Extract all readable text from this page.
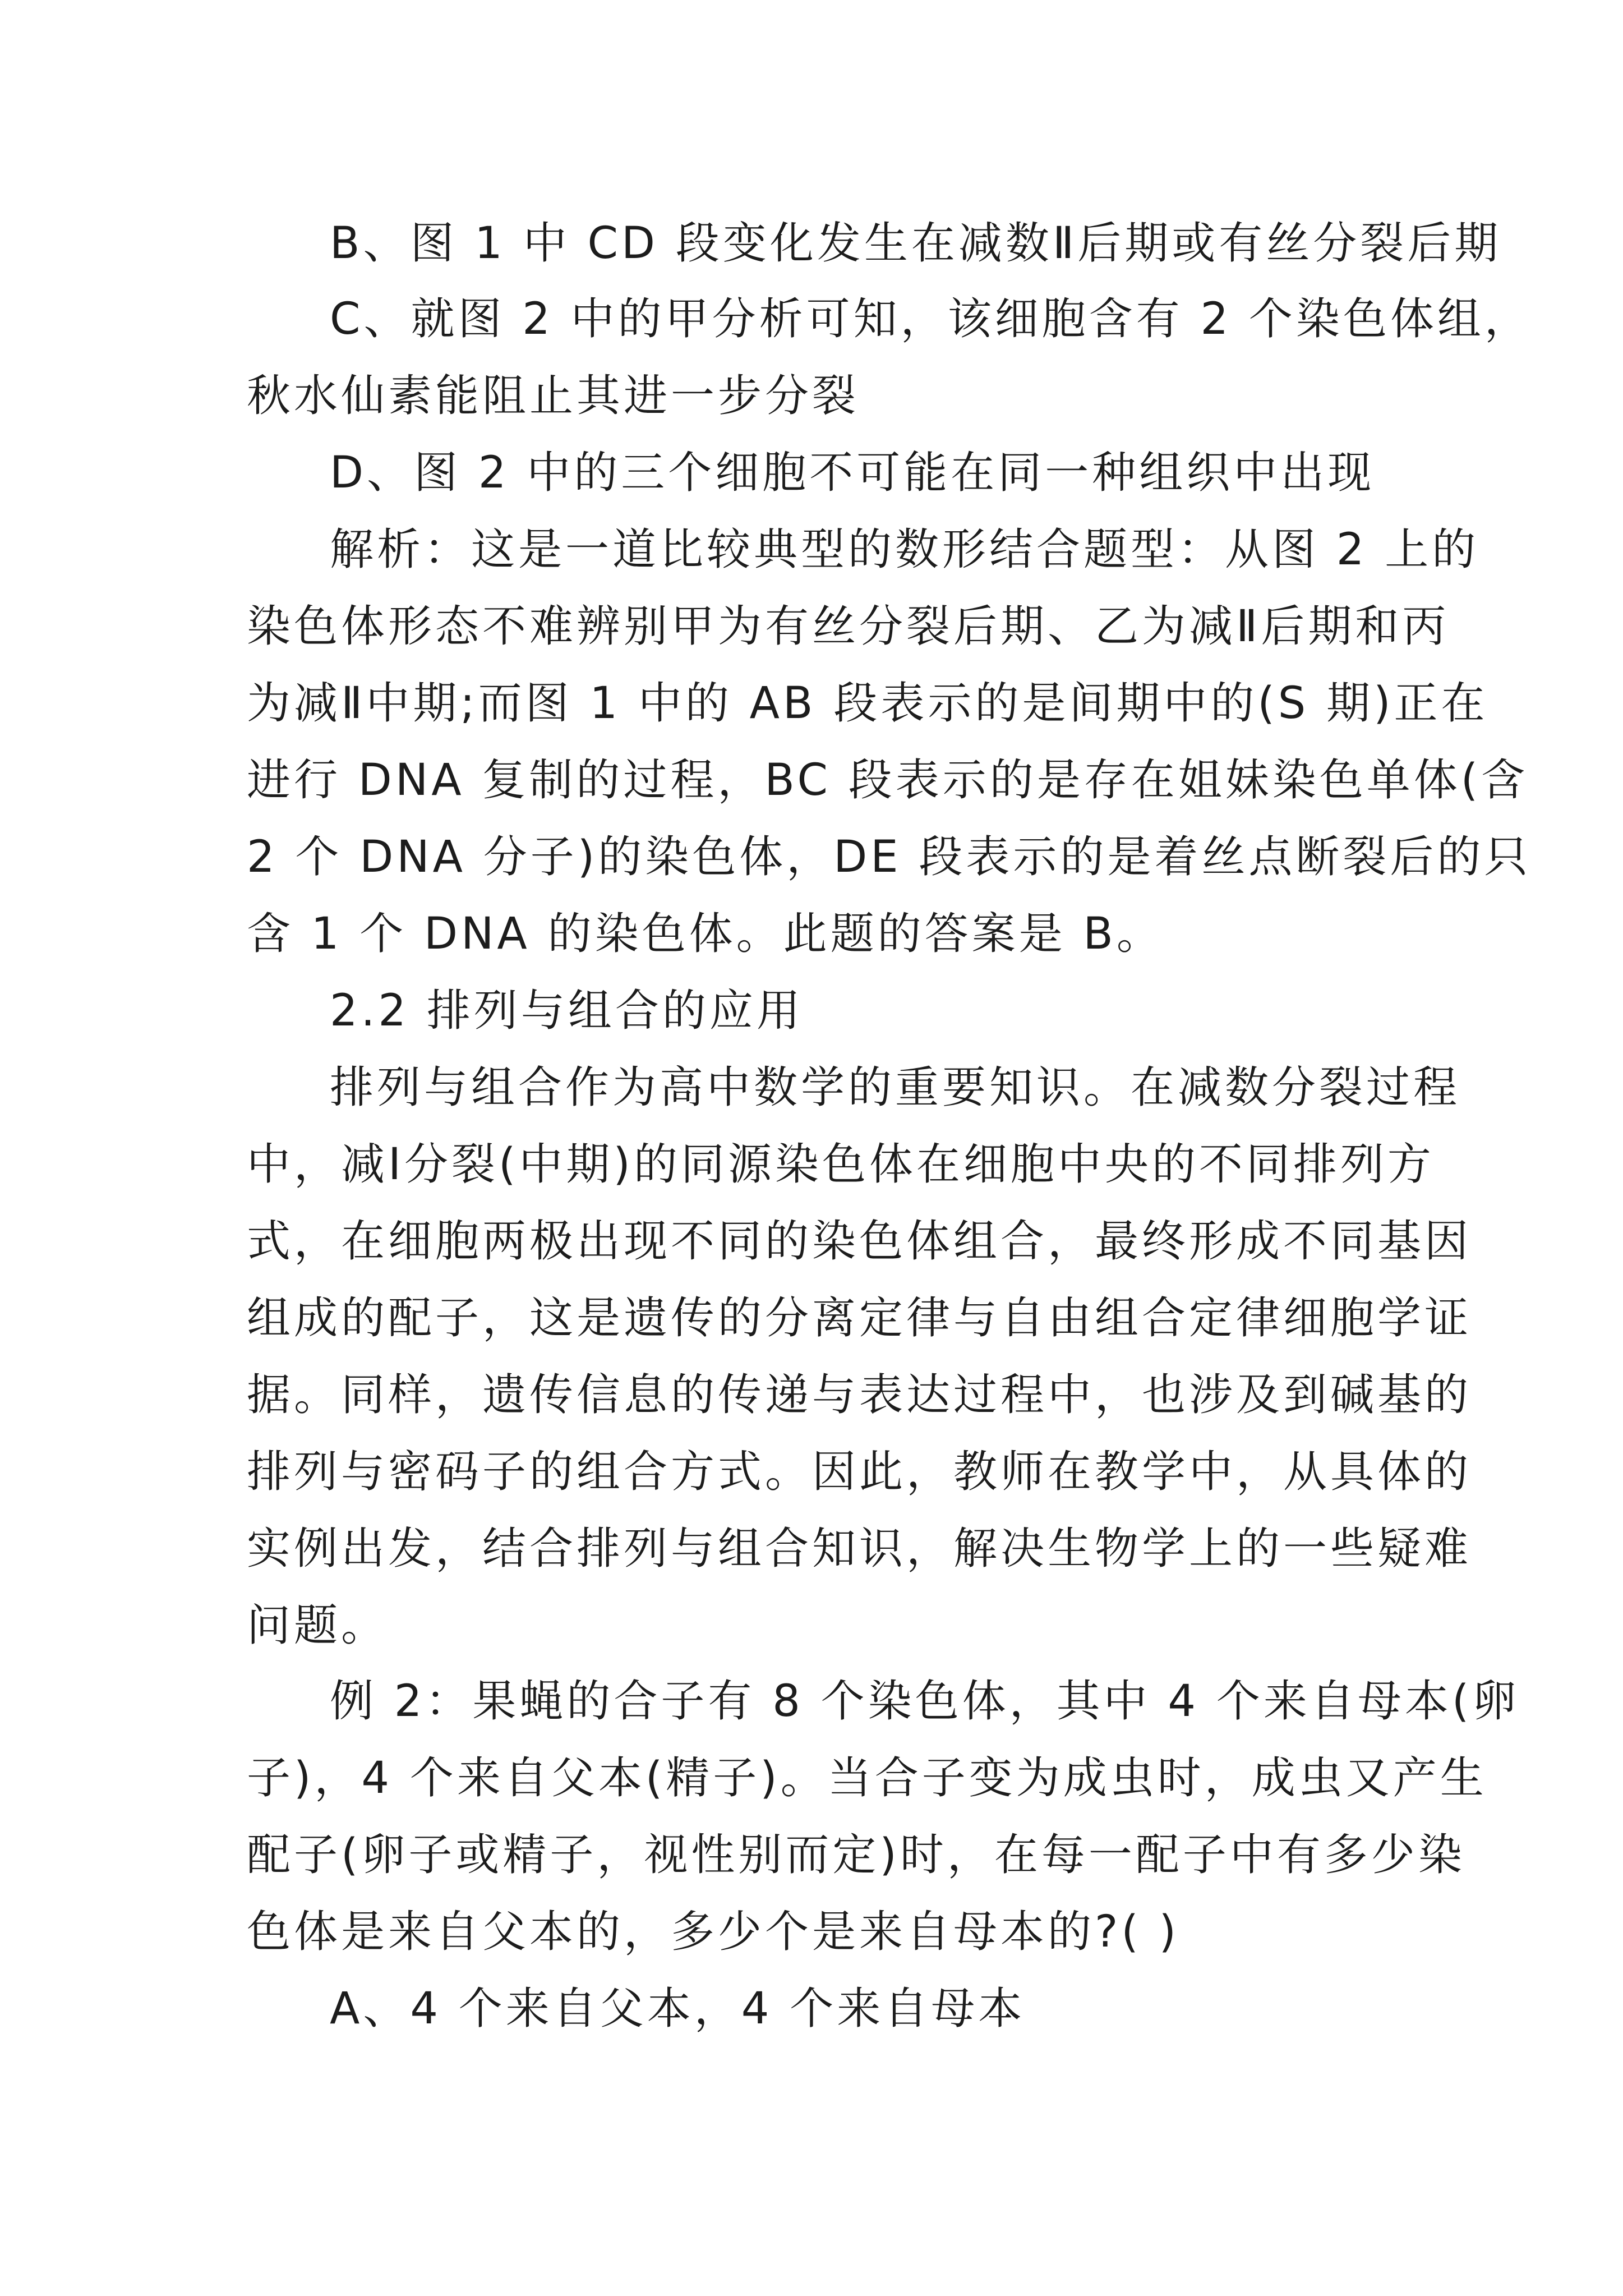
B、图 1 中 CD 段变化发生在减数Ⅱ后期或有丝分裂后期

C、就图 2 中的甲分析可知，该细胞含有 2 个染色体组，

秋水仙素能阻止其进一步分裂

D、图 2 中的三个细胞不可能在同一种组织中出现

解析：这是一道比较典型的数形结合题型：从图 2 上的

染色体形态不难辨别甲为有丝分裂后期、乙为减Ⅱ后期和丙

为减Ⅱ中期;而图 1 中的 AB 段表示的是间期中的(S 期)正在

进行 DNA 复制的过程，BC 段表示的是存在姐妹染色单体(含

2 个 DNA 分子)的染色体，DE 段表示的是着丝点断裂后的只

含 1 个 DNA 的染色体。此题的答案是 B。

2.2 排列与组合的应用

排列与组合作为高中数学的重要知识。在减数分裂过程

中，减Ⅰ分裂(中期)的同源染色体在细胞中央的不同排列方

式，在细胞两极出现不同的染色体组合，最终形成不同基因

组成的配子，这是遗传的分离定律与自由组合定律细胞学证

据。同样，遗传信息的传递与表达过程中，也涉及到碱基的

排列与密码子的组合方式。因此，教师在教学中，从具体的

实例出发，结合排列与组合知识，解决生物学上的一些疑难

问题。

例 2：果蝇的合子有 8 个染色体，其中 4 个来自母本(卵

子)，4 个来自父本(精子)。当合子变为成虫时，成虫又产生

配子(卵子或精子，视性别而定)时，在每一配子中有多少染

色体是来自父本的，多少个是来自母本的?( )

A、4 个来自父本，4 个来自母本
